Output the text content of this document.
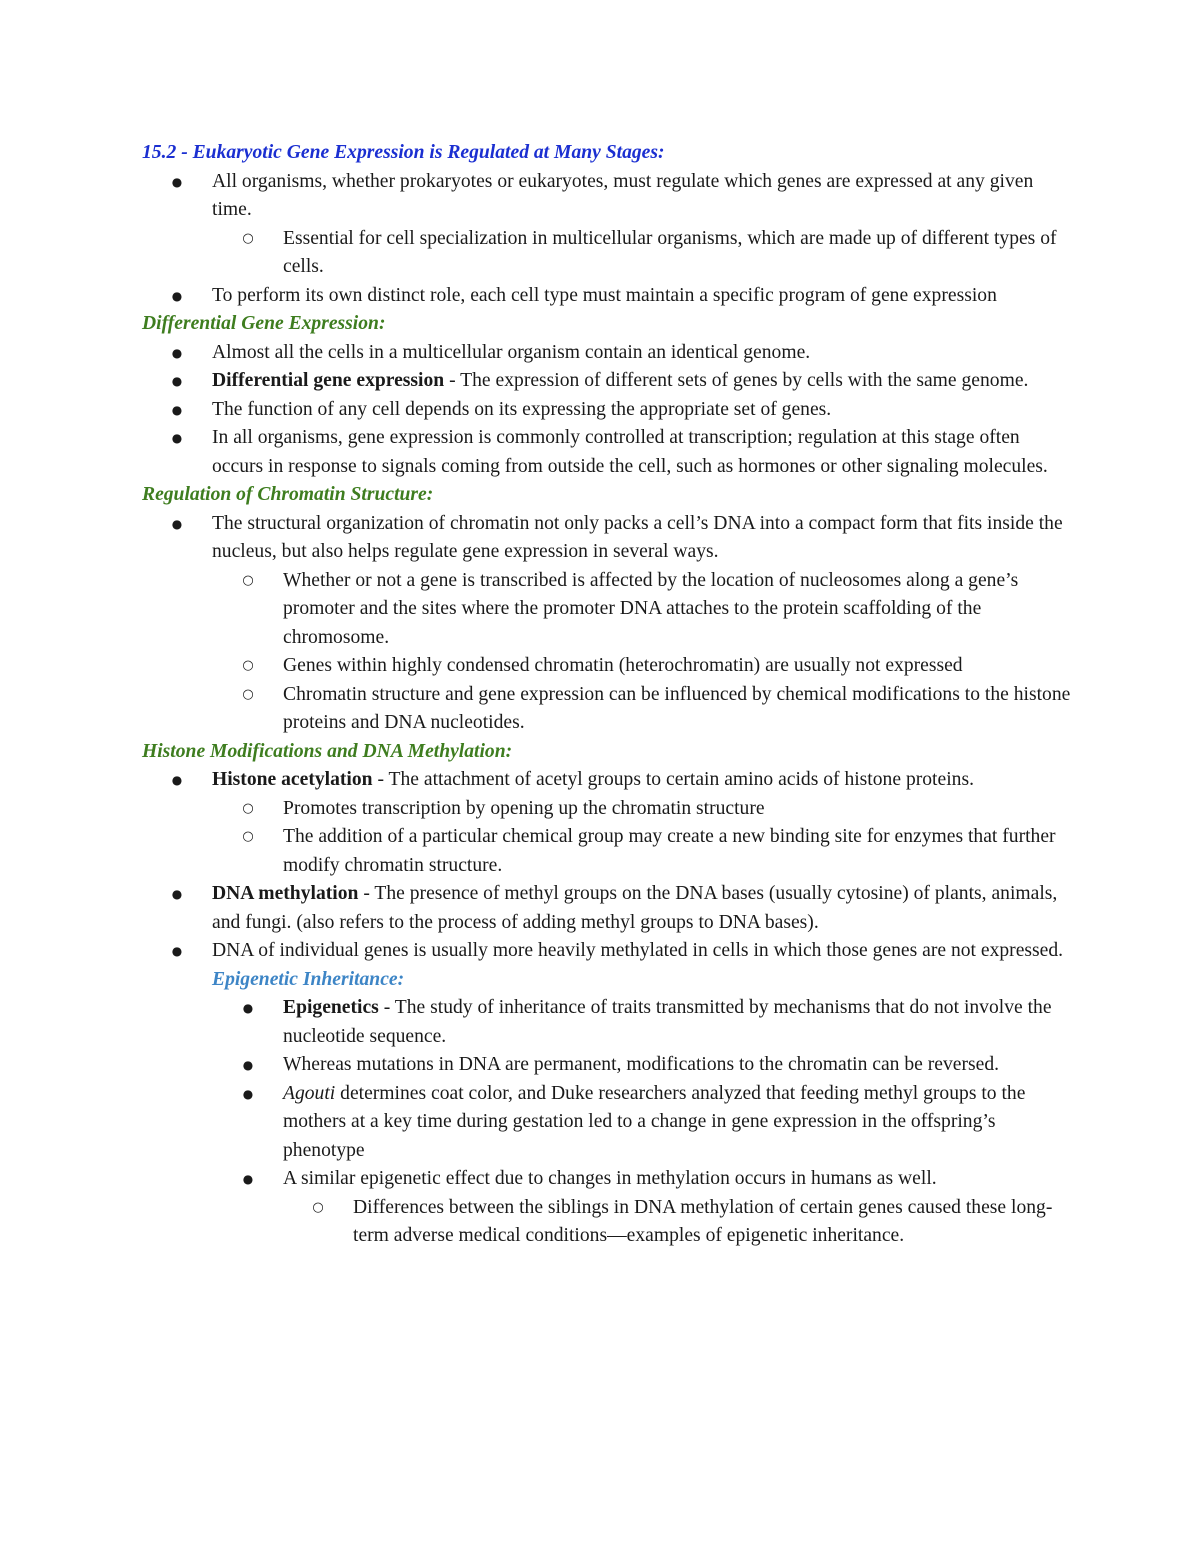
15.2 - Eukaryotic Gene Expression is Regulated at Many Stages:
● All organisms, whether prokaryotes or eukaryotes, must regulate which genes are expressed at any given time.
○ Essential for cell specialization in multicellular organisms, which are made up of different types of cells.
● To perform its own distinct role, each cell type must maintain a specific program of gene expression
Differential Gene Expression:
● Almost all the cells in a multicellular organism contain an identical genome.
● Differential gene expression - The expression of different sets of genes by cells with the same genome.
● The function of any cell depends on its expressing the appropriate set of genes.
● In all organisms, gene expression is commonly controlled at transcription; regulation at this stage often occurs in response to signals coming from outside the cell, such as hormones or other signaling molecules.
Regulation of Chromatin Structure:
● The structural organization of chromatin not only packs a cell’s DNA into a compact form that fits inside the nucleus, but also helps regulate gene expression in several ways.
○ Whether or not a gene is transcribed is affected by the location of nucleosomes along a gene’s promoter and the sites where the promoter DNA attaches to the protein scaffolding of the chromosome.
○ Genes within highly condensed chromatin (heterochromatin) are usually not expressed
○ Chromatin structure and gene expression can be influenced by chemical modifications to the histone proteins and DNA nucleotides.
Histone Modifications and DNA Methylation:
● Histone acetylation - The attachment of acetyl groups to certain amino acids of histone proteins.
○ Promotes transcription by opening up the chromatin structure
○ The addition of a particular chemical group may create a new binding site for enzymes that further modify chromatin structure.
● DNA methylation - The presence of methyl groups on the DNA bases (usually cytosine) of plants, animals, and fungi. (also refers to the process of adding methyl groups to DNA bases).
● DNA of individual genes is usually more heavily methylated in cells in which those genes are not expressed.
Epigenetic Inheritance:
● Epigenetics - The study of inheritance of traits transmitted by mechanisms that do not involve the nucleotide sequence.
● Whereas mutations in DNA are permanent, modifications to the chromatin can be reversed.
● Agouti determines coat color, and Duke researchers analyzed that feeding methyl groups to the mothers at a key time during gestation led to a change in gene expression in the offspring’s phenotype
● A similar epigenetic effect due to changes in methylation occurs in humans as well.
○ Differences between the siblings in DNA methylation of certain genes caused these long-term adverse medical conditions—examples of epigenetic inheritance.
